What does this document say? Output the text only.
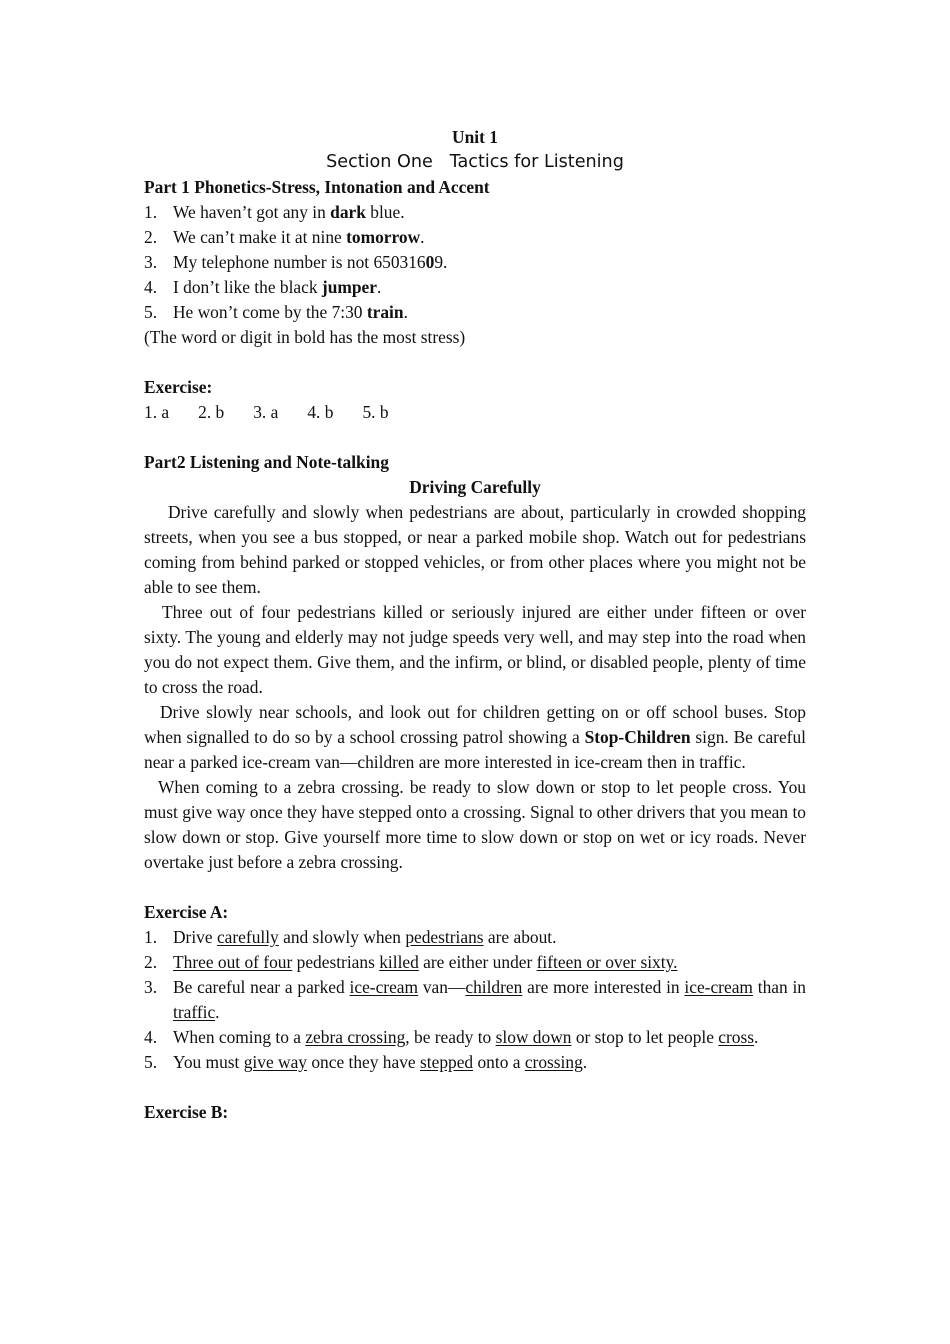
Unit 1
Section One   Tactics for Listening
Part 1 Phonetics-Stress, Intonation and Accent
1. We haven’t got any in dark blue.
2. We can’t make it at nine tomorrow.
3. My telephone number is not 65031609.
4. I don’t like the black jumper.
5. He won’t come by the 7:30 train.
(The word or digit in bold has the most stress)
Exercise:
1. a 2. b 3. a 4. b 5. b
Part2 Listening and Note-talking
Driving Carefully
Drive carefully and slowly when pedestrians are about, particularly in crowded shopping streets, when you see a bus stopped, or near a parked mobile shop. Watch out for pedestrians coming from behind parked or stopped vehicles, or from other places where you might not be able to see them.
Three out of four pedestrians killed or seriously injured are either under fifteen or over sixty. The young and elderly may not judge speeds very well, and may step into the road when you do not expect them. Give them, and the infirm, or blind, or disabled people, plenty of time to cross the road.
Drive slowly near schools, and look out for children getting on or off school buses. Stop when signalled to do so by a school crossing patrol showing a Stop-Children sign. Be careful near a parked ice-cream van—children are more interested in ice-cream then in traffic.
When coming to a zebra crossing. be ready to slow down or stop to let people cross. You must give way once they have stepped onto a crossing. Signal to other drivers that you mean to slow down or stop. Give yourself more time to slow down or stop on wet or icy roads. Never overtake just before a zebra crossing.
Exercise A:
1. Drive carefully and slowly when pedestrians are about.
2. Three out of four pedestrians killed are either under fifteen or over sixty.
3. Be careful near a parked ice-cream van—children are more interested in ice-cream than in traffic.
4. When coming to a zebra crossing, be ready to slow down or stop to let people cross.
5. You must give way once they have stepped onto a crossing.
Exercise B:
